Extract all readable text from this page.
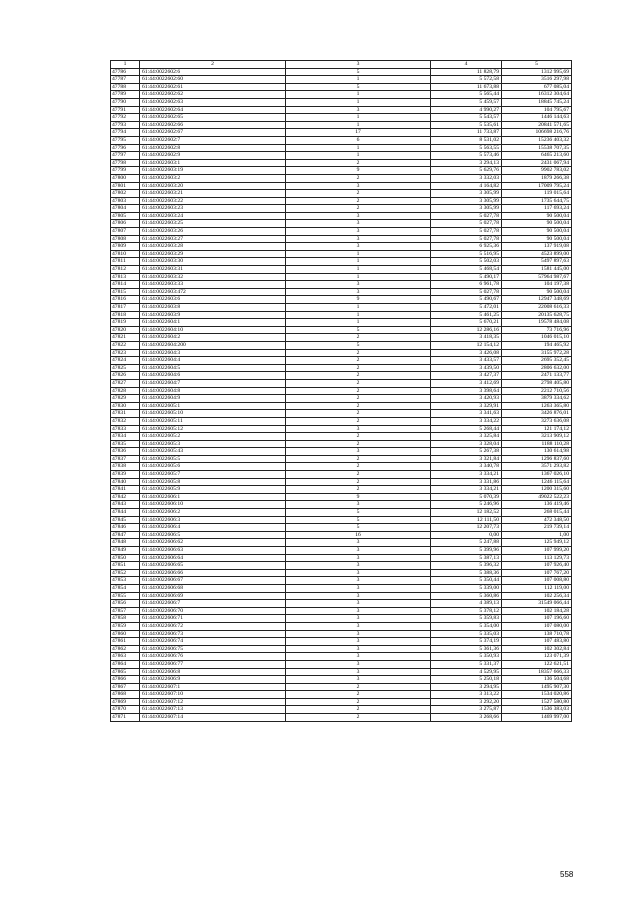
1	2	3	4	5
47786	61:44:0022602:6	5	11 828,79	1312 995,69
47787	61:44:0022602:60	1	5 572,58	3516 297,98
47788	61:44:0022602:61	5	11 673,88	677 085,04
47789	61:44:0022602:62	1	5 565,44	16312 304,64
47790	61:44:0022602:63	1	5 459,57	18845 745,24
47791	61:44:0022602:64	3	4 990,27	104 795,67
47792	61:44:0022602:65	1	5 543,57	1446 144,63
47793	61:44:0022602:66	1	5 535,61	20841 571,65
47794	61:44:0022602:67	17	11 733,87	106698 216,76
47795	61:44:0022602:7	6	8 531,02	15236 403,32
47796	61:44:0022602:8	1	5 563,55	15538 707,35
47797	61:44:0022602:9	1	5 573,46	6465 213,60
47798	61:44:0022603:1	2	3 294,13	2431 067,94
47799	61:44:0022603:19	9	5 629,76	9902 783,02
47800	61:44:0022603:2	2	3 332,03	1879 266,38
47801	61:44:0022603:20	3	4 164,82	17009 795,24
47802	61:44:0022603:21	2	3 305,99	119 015,64
47803	61:44:0022603:22	2	3 305,99	1735 644,75
47804	61:44:0022603:23	2	3 305,99	117 693,24
47805	61:44:0022603:24	3	5 027,78	90 500,04
47806	61:44:0022603:25	3	5 027,78	90 500,04
47807	61:44:0022603:26	3	5 027,78	90 500,04
47808	61:44:0022603:27	3	5 027,78	90 500,04
47809	61:44:0022603:28	3	6 925,36	137 919,08
47810	61:44:0022603:29	1	5 516,95	4523 899,00
47811	61:44:0022603:30	1	5 502,03	5497 897,63
47812	61:44:0022603:31	1	5 468,54	1581 445,00
47813	61:44:0022603:32	1	5 490,17	57964 987,67
47814	61:44:0022603:33	3	6 961,78	104 197,38
47815	61:44:0022603:472	3	5 027,78	90 500,04
47816	61:44:0022603:6	9	5 490,67	12947 348,69
47817	61:44:0022603:8	1	5 472,01	22008 616,33
47818	61:44:0022603:9	1	5 461,25	20135 628,75
47819	61:44:0022604:1	1	5 670,21	19578 484,08
47820	61:44:0022604:10	5	12 286,16	73 716,96
47821	61:44:0022604:2	2	3 418,35	1046 015,10
47822	61:44:0022604:200	5	12 154,12	194 465,92
47823	61:44:0022604:3	2	3 426,08	3155 972,28
47824	61:44:0022604:4	2	3 433,57	2695 352,45
47825	61:44:0022604:5	2	3 439,50	2806 632,00
47826	61:44:0022604:6	2	3 427,37	2471 133,77
47827	61:44:0022604:7	2	3 412,69	2798 405,80
47828	61:44:0022604:8	2	3 398,64	2212 710,56
47829	61:44:0022604:9	2	3 420,93	3879 334,62
47830	61:44:0022605:1	2	3 329,91	1263 365,80
47831	61:44:0022605:10	2	3 341,63	3426 876,01
47832	61:44:0022605:11	2	3 334,22	3273 636,08
47833	61:44:0022605:12	3	5 268,44	121 174,12
47834	61:44:0022605:2	2	3 325,84	3213 909,12
47835	61:44:0022605:3	2	3 328,04	1188 110,28
47836	61:44:0022605:43	3	5 267,38	130 614,98
47837	61:44:0022605:5	2	3 321,84	1296 837,60
47838	61:44:0022605:6	2	3 340,78	3571 293,82
47839	61:44:0022605:7	2	3 334,21	1367 026,10
47840	61:44:0022605:8	2	3 331,86	1246 115,64
47841	61:44:0022605:9	2	3 334,21	1200 315,60
47842	61:44:0022606:1	9	5 070,39	49022 522,23
47843	61:44:0022606:10	3	5 246,96	136 419,46
47844	61:44:0022606:2	5	12 182,52	268 015,44
47845	61:44:0022606:3	5	12 111,50	472 348,50
47846	61:44:0022606:4	5	12 207,73	219 739,14
47847	61:44:0022606:5	16	0,00	1,00
47848	61:44:0022606:62	3	5 247,88	125 949,12
47849	61:44:0022606:63	3	5 399,96	107 999,20
47850	61:44:0022606:64	3	5 387,13	113 129,73
47851	61:44:0022606:65	3	5 396,32	107 926,40
47852	61:44:0022606:66	3	5 388,36	107 767,20
47853	61:44:0022606:67	3	5 350,44	107 008,80
47854	61:44:0022606:68	3	5 339,00	112 119,00
47855	61:44:0022606:69	3	5 360,86	102 256,34
47856	61:44:0022606:7	3	4 389,13	31549 066,44
47857	61:44:0022606:70	3	5 378,12	102 184,28
47858	61:44:0022606:71	3	5 359,83	107 196,60
47859	61:44:0022606:72	3	5 354,00	107 080,00
47860	61:44:0022606:73	3	5 335,03	138 710,78
47861	61:44:0022606:74	3	5 374,19	107 483,80
47862	61:44:0022606:75	3	5 361,36	102 302,84
47863	61:44:0022606:76	3	5 350,93	123 071,39
47864	61:44:0022606:77	3	5 331,37	122 621,51
47865	61:44:0022606:8	3	4 529,95	18357 666,33
47866	61:44:0022606:9	3	5 250,18	136 504,68
47867	61:44:0022607:1	2	3 294,95	1495 907,30
47868	61:44:0022607:10	2	3 313,22	1534 020,86
47869	61:44:0022607:12	2	3 292,20	1527 580,80
47870	61:44:0022607:13	2	3 275,87	1536 383,03
47871	61:44:0022607:14	2	3 268,66	1469 997,00
558
